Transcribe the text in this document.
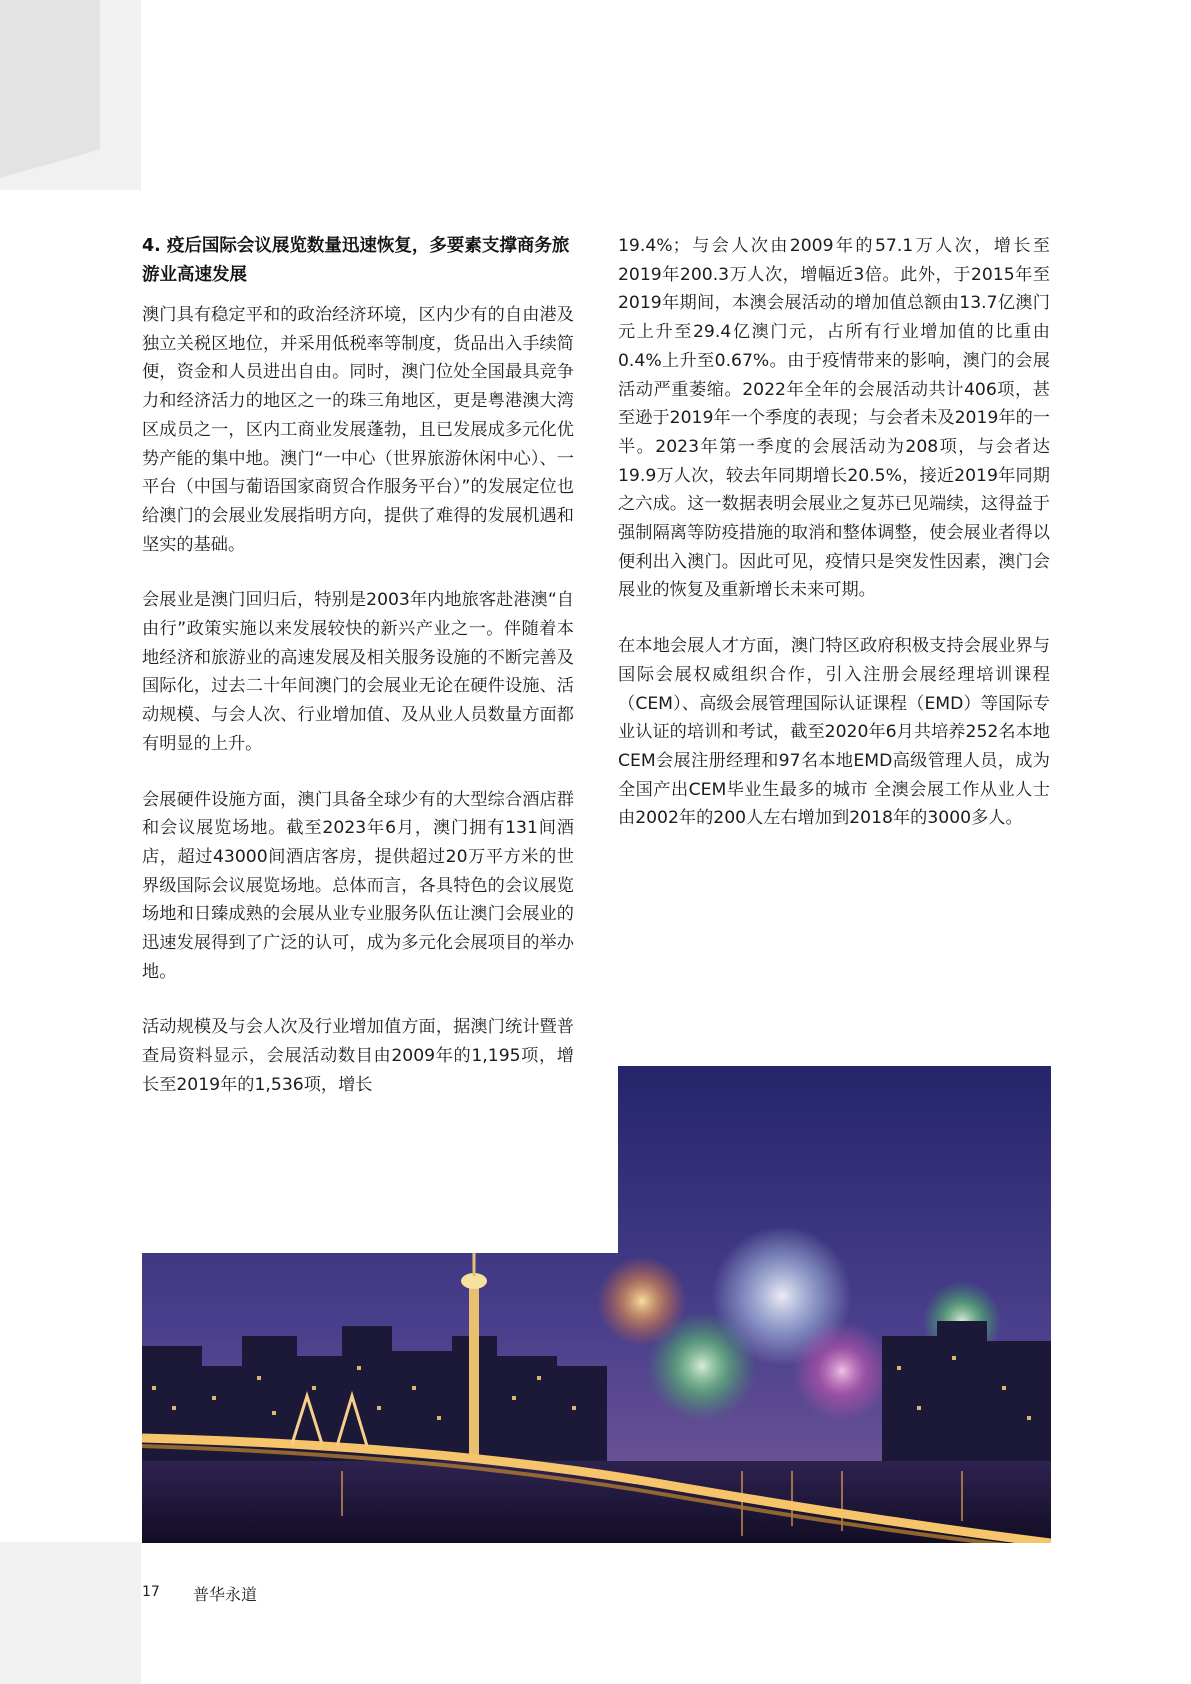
4. 疫后国际会议展览数量迅速恢复，多要素支撑商务旅游业高速发展

澳门具有稳定平和的政治经济环境，区内少有的自由港及独立关税区地位，并采用低税率等制度，货品出入手续简便，资金和人员进出自由。同时，澳门位处全国最具竞争力和经济活力的地区之一的珠三角地区，更是粤港澳大湾区成员之一，区内工商业发展蓬勃，且已发展成多元化优势产能的集中地。澳门“一中心（世界旅游休闲中心）、一平台（中国与葡语国家商贸合作服务平台）”的发展定位也给澳门的会展业发展指明方向，提供了难得的发展机遇和坚实的基础。

会展业是澳门回归后，特别是2003年内地旅客赴港澳“自由行”政策实施以来发展较快的新兴产业之一。伴随着本地经济和旅游业的高速发展及相关服务设施的不断完善及国际化，过去二十年间澳门的会展业无论在硬件设施、活动规模、与会人次、行业增加值、及从业人员数量方面都有明显的上升。

会展硬件设施方面，澳门具备全球少有的大型综合酒店群和会议展览场地。截至2023年6月，澳门拥有131间酒店，超过43000间酒店客房，提供超过20万平方米的世界级国际会议展览场地。总体而言，各具特色的会议展览场地和日臻成熟的会展从业专业服务队伍让澳门会展业的迅速发展得到了广泛的认可，成为多元化会展项目的举办地。

活动规模及与会人次及行业增加值方面，据澳门统计暨普查局资料显示，会展活动数目由2009年的1,195项，增长至2019年的1,536项，增长

19.4%；与会人次由2009年的57.1万人次，增长至2019年200.3万人次，增幅近3倍。此外，于2015年至2019年期间，本澳会展活动的增加值总额由13.7亿澳门元上升至29.4亿澳门元，占所有行业增加值的比重由0.4%上升至0.67%。由于疫情带来的影响，澳门的会展活动严重萎缩。2022年全年的会展活动共计406项，甚至逊于2019年一个季度的表现；与会者未及2019年的一半。2023年第一季度的会展活动为208项，与会者达19.9万人次，较去年同期增长20.5%，接近2019年同期之六成。这一数据表明会展业之复苏已见端续，这得益于强制隔离等防疫措施的取消和整体调整，使会展业者得以便利出入澳门。因此可见，疫情只是突发性因素，澳门会展业的恢复及重新增长未来可期。

在本地会展人才方面，澳门特区政府积极支持会展业界与国际会展权威组织合作，引入注册会展经理培训课程（CEM）、高级会展管理国际认证课程（EMD）等国际专业认证的培训和考试，截至2020年6月共培养252名本地CEM会展注册经理和97名本地EMD高级管理人员，成为全国产出CEM毕业生最多的城市 全澳会展工作从业人士由2002年的200人左右增加到2018年的3000多人。

17 普华永道
